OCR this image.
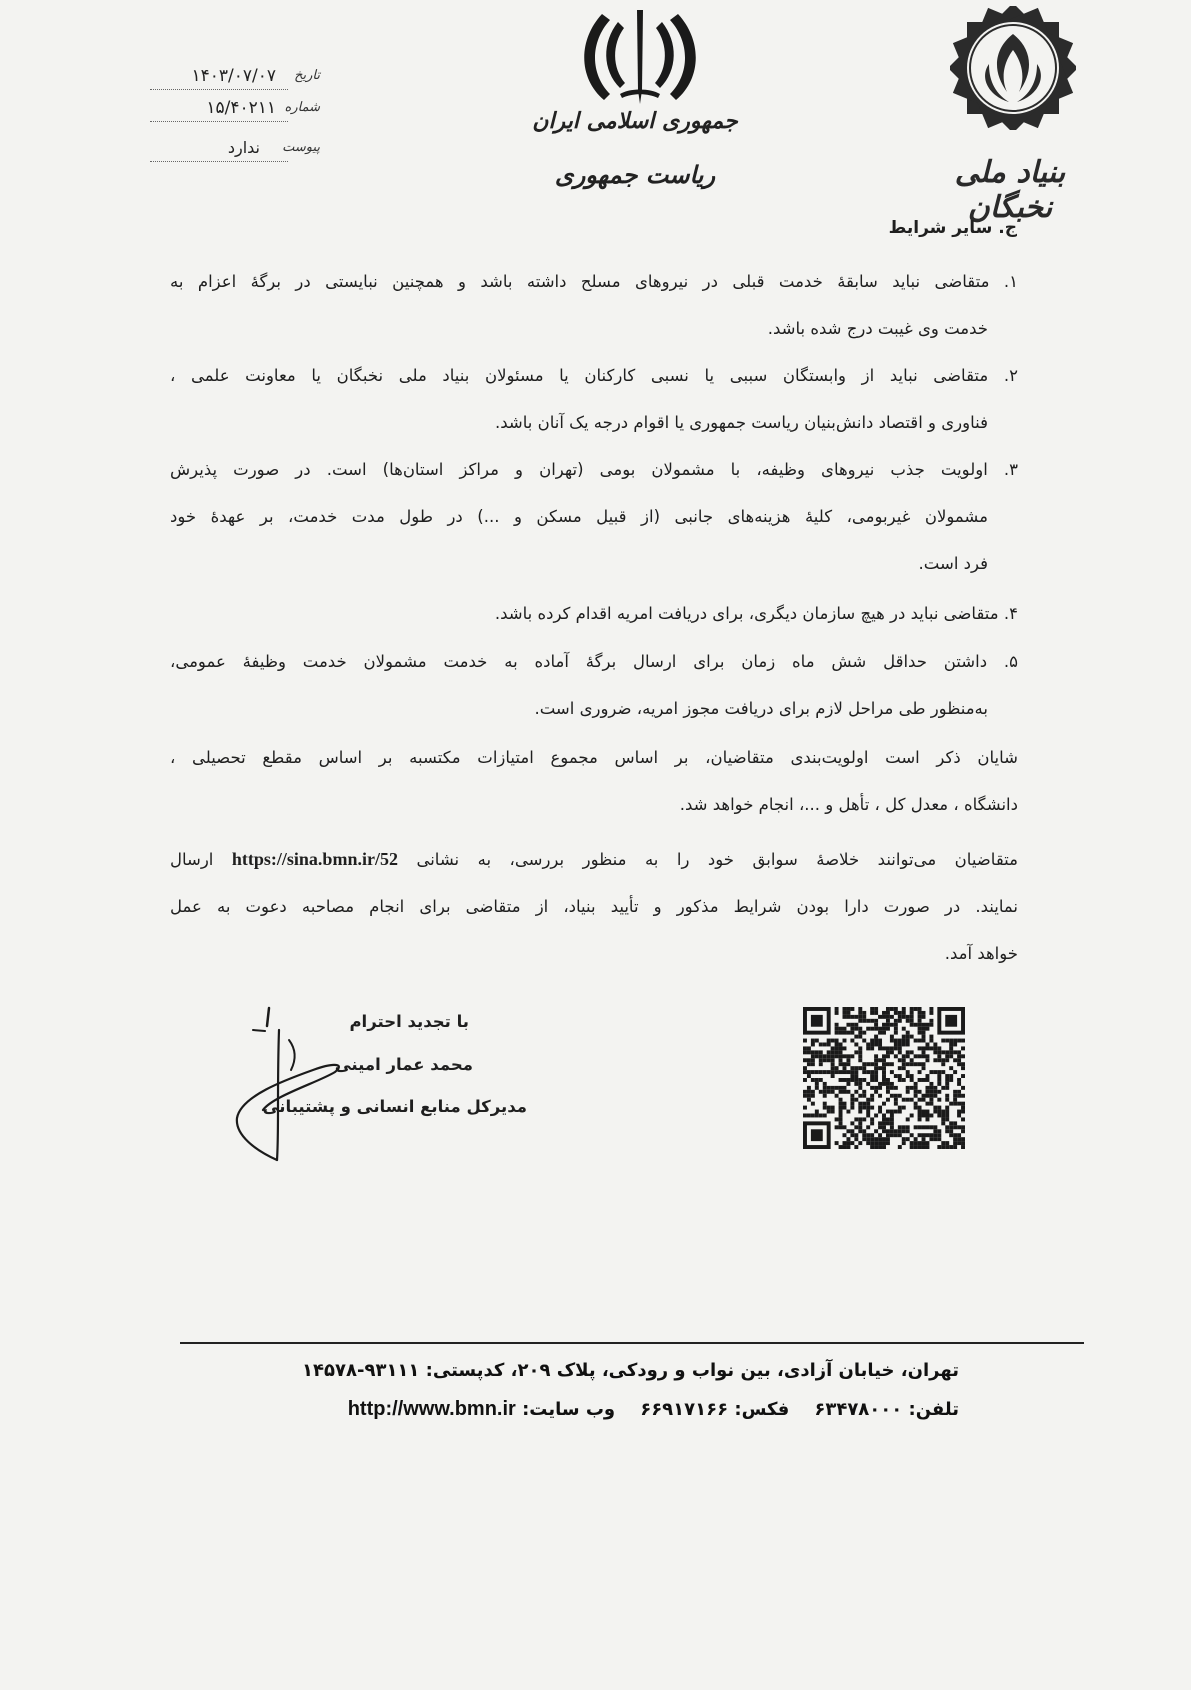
تاریخ
۱۴۰۳/۰۷/۰۷
شماره
۱۵/۴۰۲۱۱
پیوست
ندارد
جمهوری اسلامی ایران
ریاست جمهوری	بنیاد ملی نخبگان
ج. سایر شرایط
۱. متقاضی نباید سابقهٔ خدمت قبلی در نیروهای مسلح داشته باشد و همچنین نبایستی در برگهٔ اعزام به
خدمت وی غیبت درج شده باشد.
۲. متقاضی نباید از وابستگان سببی یا نسبی کارکنان یا مسئولان بنیاد ملی نخبگان یا معاونت علمی ،
فناوری و اقتصاد دانش‌بنیان ریاست جمهوری یا اقوام درجه یک آنان باشد.
۳. اولویت جذب نیروهای وظیفه، با مشمولان بومی (تهران و مراکز استان‌ها) است. در صورت پذیرش
مشمولان غیربومی، کلیهٔ هزینه‌های جانبی (از قبیل مسکن و ...) در طول مدت خدمت، بر عهدهٔ خود
فرد است.
۴. متقاضی نباید در هیچ سازمان دیگری، برای دریافت امریه اقدام کرده باشد.
۵. داشتن حداقل شش ماه زمان برای ارسال برگهٔ آماده به خدمت مشمولان خدمت وظیفهٔ عمومی،
به‌منظور طی مراحل لازم برای دریافت مجوز امریه، ضروری است.
شایان ذکر است اولویت‌بندی متقاضیان، بر اساس مجموع امتیازات مکتسبه بر اساس مقطع تحصیلی ،
دانشگاه ، معدل کل ، تأهل و ...، انجام خواهد شد.
متقاضیان می‌توانند خلاصهٔ سوابق خود را به منظور بررسی، به نشانی https://sina.bmn.ir/52 ارسال
نمایند. در صورت دارا بودن شرایط مذکور و تأیید بنیاد، از متقاضی برای انجام مصاحبه دعوت به عمل
خواهد آمد.
با تجدید احترام
محمد عمار امینی
مدیرکل منابع انسانی و پشتیبانی
تهران، خیابان آزادی، بین نواب و رودکی، پلاک ۲۰۹، کدپستی: ۹۳۱۱۱-۱۴۵۷۸
تلفن: ۶۳۴۷۸۰۰۰    فکس: ۶۶۹۱۷۱۶۶    وب سایت: http://www.bmn.ir
